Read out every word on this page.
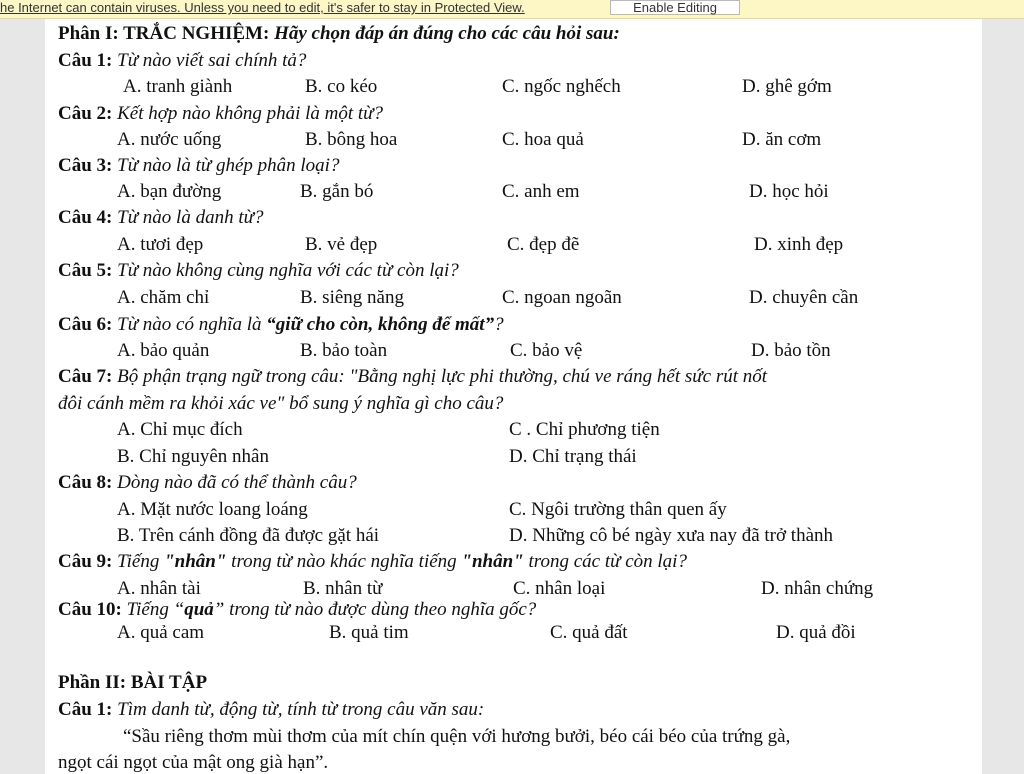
he Internet can contain viruses. Unless you need to edit, it's safer to stay in Protected View.	Enable Editing
Phân I: TRẮC NGHIỆM: Hãy chọn đáp án đúng cho các câu hỏi sau:
Câu 1: Từ nào viết sai chính tả?
A. tranh giành	B. co kéo	C. ngốc nghếch	D. ghê gớm
Câu 2: Kết hợp nào không phải là một từ?
A. nước uống	B. bông hoa	C. hoa quả	D. ăn cơm
Câu 3: Từ nào là từ ghép phân loại?
A. bạn đường	B. gắn bó	C. anh em	D. học hỏi
Câu 4: Từ nào là danh từ?
A. tươi đẹp	B. vẻ đẹp	C. đẹp đẽ	D. xinh đẹp
Câu 5: Từ nào không cùng nghĩa với các từ còn lại?
A. chăm chỉ	B. siêng năng	C. ngoan ngoãn	D. chuyên cần
Câu 6: Từ nào có nghĩa là “giữ cho còn, không để mất”?
A. bảo quản	B. bảo toàn	C. bảo vệ	D. bảo tồn
Câu 7: Bộ phận trạng ngữ trong câu: "Bằng nghị lực phi thường, chú ve ráng hết sức rút nốt
đôi cánh mềm ra khỏi xác ve" bổ sung ý nghĩa gì cho câu?
A. Chỉ mục đích	C . Chỉ phương tiện
B. Chỉ nguyên nhân	D. Chỉ trạng thái
Câu 8: Dòng nào đã có thể thành câu?
A. Mặt nước loang loáng	C. Ngôi trường thân quen ấy
B. Trên cánh đồng đã được gặt hái	D. Những cô bé ngày xưa nay đã trở thành
Câu 9: Tiếng "nhân" trong từ nào khác nghĩa tiếng "nhân" trong các từ còn lại?
A. nhân tài	B. nhân từ	C. nhân loại	D. nhân chứng
Câu 10: Tiếng “quả” trong từ nào được dùng theo nghĩa gốc?
A. quả cam	B. quả tim	C. quả đất	D. quả đồi
Phần II: BÀI TẬP
Câu 1: Tìm danh từ, động từ, tính từ trong câu văn sau:
“Sầu riêng thơm mùi thơm của mít chín quện với hương bưởi, béo cái béo của trứng gà,
ngọt cái ngọt của mật ong già hạn”.
